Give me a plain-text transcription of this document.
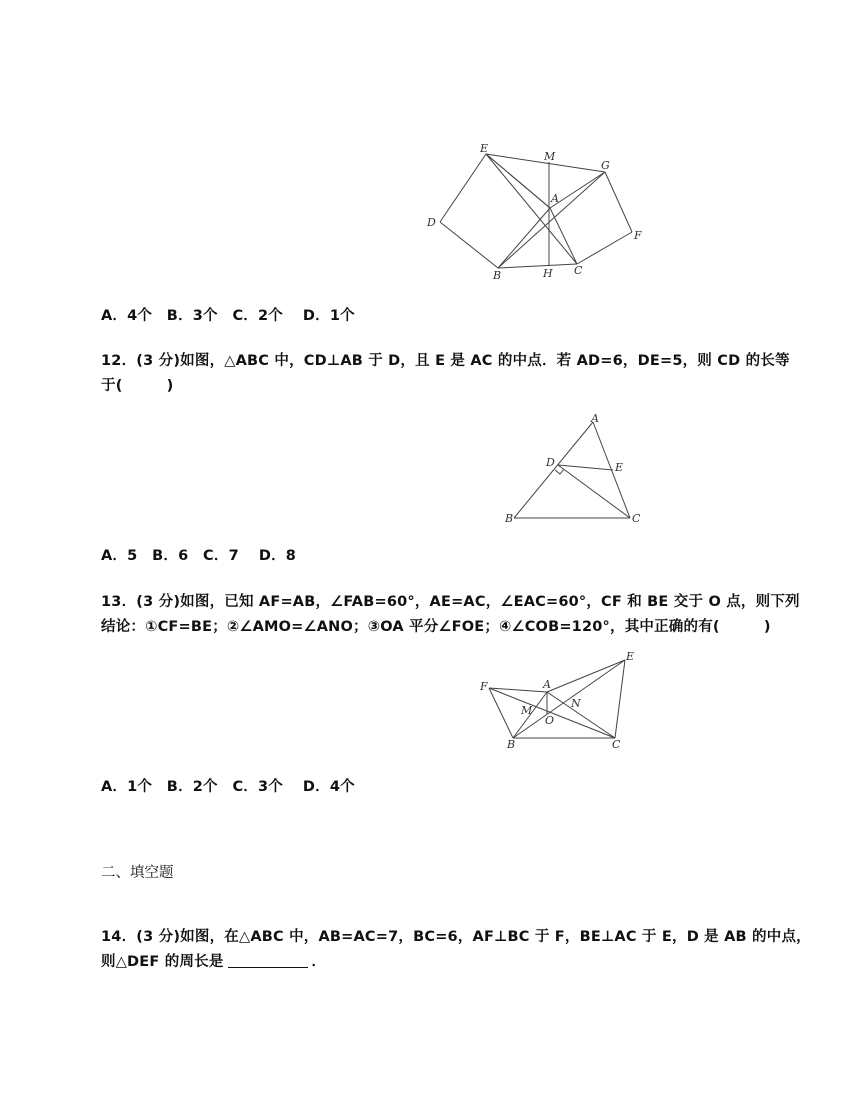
E
M
G
A
D
F
B	H C
A．4个　B．3个　C．2个　 D．1个
12．(3 分)如图，△ABC 中，CD⊥AB 于 D，且 E 是 AC 的中点．若 AD=6，DE=5，则 CD 的长等
于(　　　)
A
D	E
B	C
A．5　B．6　C．7　 D．8
13．(3 分)如图，已知 AF=AB，∠FAB=60°，AE=AC，∠EAC=60°，CF 和 BE 交于 O 点，则下列
结论：①CF=BE；②∠AMO=∠ANO；③OA 平分∠FOE；④∠COB=120°，其中正确的有(　　　)
F	A
E
N
M
O
B	C
A．1个　B．2个　C．3个　 D．4个
二、填空题
14．(3 分)如图，在△ABC 中，AB=AC=7，BC=6，AF⊥BC 于 F，BE⊥AC 于 E，D 是 AB 的中点，
则△DEF 的周长是	．
